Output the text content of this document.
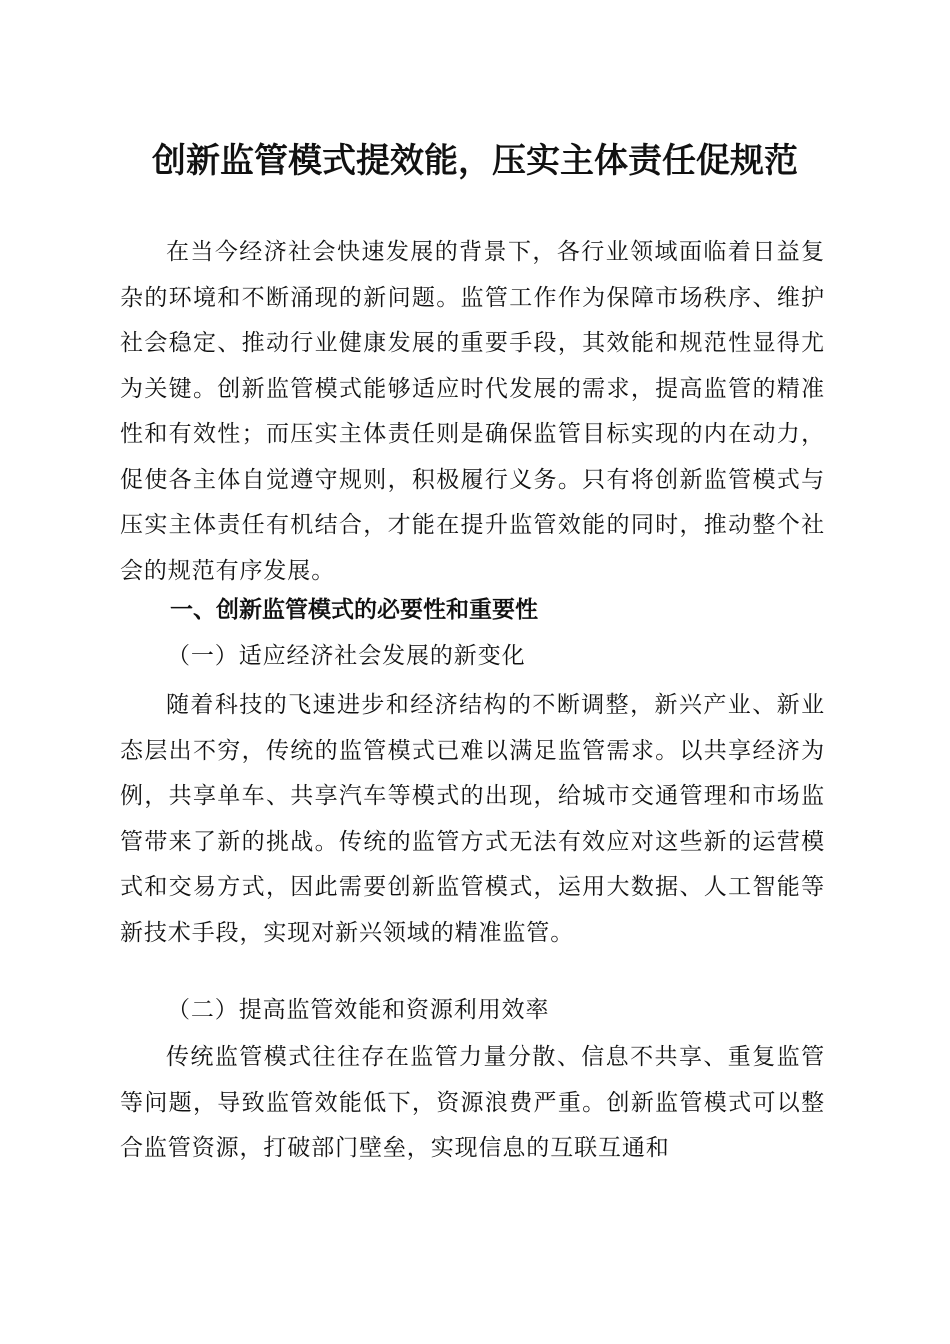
创新监管模式提效能，压实主体责任促规范
在当今经济社会快速发展的背景下，各行业领域面临着日益复杂的环境和不断涌现的新问题。监管工作作为保障市场秩序、维护社会稳定、推动行业健康发展的重要手段，其效能和规范性显得尤为关键。创新监管模式能够适应时代发展的需求，提高监管的精准性和有效性；而压实主体责任则是确保监管目标实现的内在动力，促使各主体自觉遵守规则，积极履行义务。只有将创新监管模式与压实主体责任有机结合，才能在提升监管效能的同时，推动整个社会的规范有序发展。
一、创新监管模式的必要性和重要性
（一）适应经济社会发展的新变化
随着科技的飞速进步和经济结构的不断调整，新兴产业、新业态层出不穷，传统的监管模式已难以满足监管需求。以共享经济为例，共享单车、共享汽车等模式的出现，给城市交通管理和市场监管带来了新的挑战。传统的监管方式无法有效应对这些新的运营模式和交易方式，因此需要创新监管模式，运用大数据、人工智能等新技术手段，实现对新兴领域的精准监管。
（二）提高监管效能和资源利用效率
传统监管模式往往存在监管力量分散、信息不共享、重复监管等问题，导致监管效能低下，资源浪费严重。创新监管模式可以整合监管资源，打破部门壁垒，实现信息的互联互通和
